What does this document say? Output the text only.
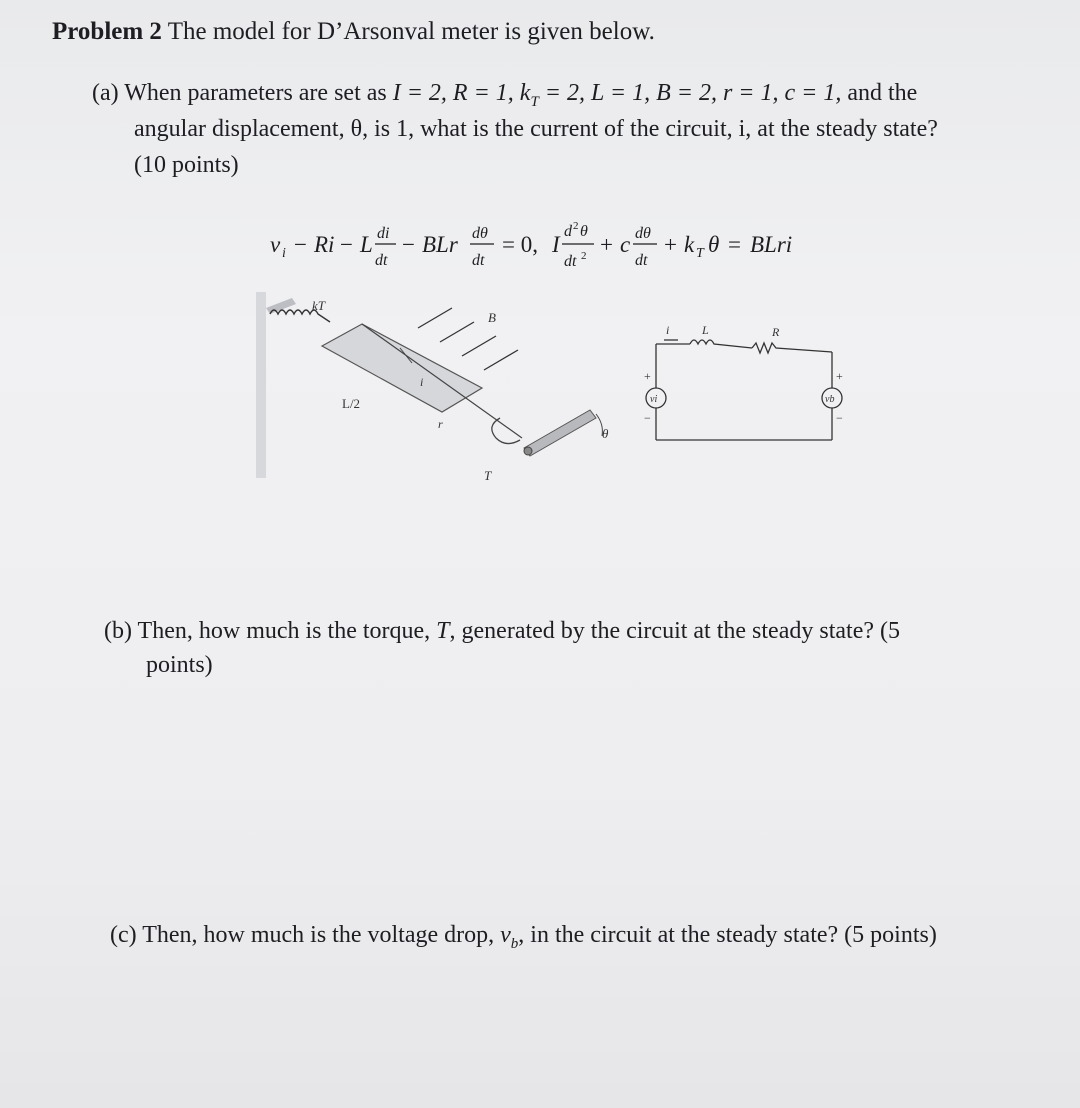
Problem 2 The model for D’Arsonval meter is given below.
(a) When parameters are set as I = 2, R = 1, $k_T = 2$, L = 1, B = 2, r = 1, c = 1, and the
angular displacement, θ, is 1, what is the current of the circuit, i, at the steady state?
(10 points)
v i − Ri − L di
dt
− BLr dθ
dt
= 0, I
d 2 θ
dt 2 + c dθ
dt
+ k T θ = BLri
kT
i
L/2
r
B
T
θ
i	L	R
vi	vb
+
−
+
−
(b) Then, how much is the torque, T, generated by the circuit at the steady state? (5
points)
(c) Then, how much is the voltage drop, $v_b$, in the circuit at the steady state? (5 points)
